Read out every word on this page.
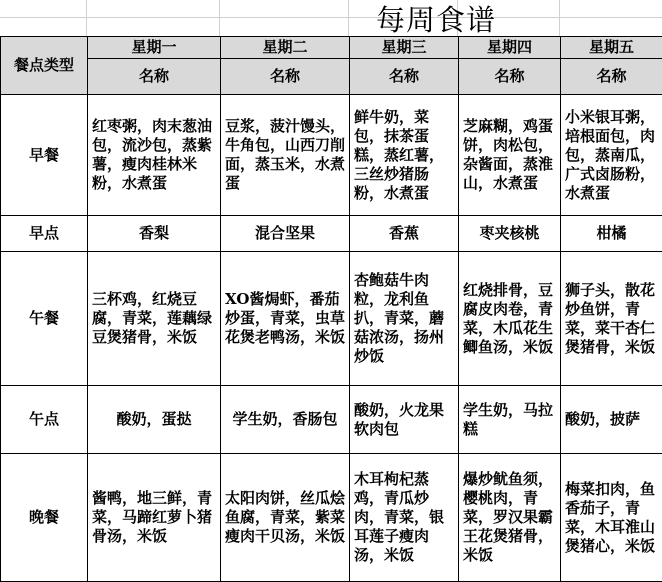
每周食谱
餐点类型	星期一	星期二	星期三	星期四	星期五
	名称	名称	名称	名称	名称
早餐	红枣粥，肉末葱油包，流沙包，蒸紫薯，瘦肉桂林米粉，水煮蛋	豆浆，菠汁馒头，牛角包，山西刀削面，蒸玉米，水煮蛋	鲜牛奶，菜包，抹茶蛋糕，蒸红薯，三丝炒猪肠粉，水煮蛋	芝麻糊，鸡蛋饼，肉松包，杂酱面，蒸淮山，水煮蛋	小米银耳粥，培根面包，肉包，蒸南瓜，广式卤肠粉，水煮蛋
早点	香梨	混合坚果	香蕉	枣夹核桃	柑橘
午餐	三杯鸡，红烧豆腐，青菜，莲藕绿豆煲猪骨，米饭	XO酱焗虾，番茄炒蛋，青菜，虫草花煲老鸭汤，米饭	杏鲍菇牛肉粒，龙利鱼扒，青菜，蘑菇浓汤，扬州炒饭	红烧排骨，豆腐皮肉卷，青菜，木瓜花生鲫鱼汤，米饭	狮子头，散花炒鱼饼，青菜，菜干杏仁煲猪骨，米饭
午点	酸奶，蛋挞	学生奶，香肠包	酸奶，火龙果软肉包	学生奶，马拉糕	酸奶，披萨
晚餐	酱鸭，地三鲜，青菜，马蹄红萝卜猪骨汤，米饭	太阳肉饼，丝瓜烩鱼腐，青菜，紫菜瘦肉干贝汤，米饭	木耳枸杞蒸鸡，青瓜炒肉，青菜，银耳莲子瘦肉汤，米饭	爆炒鱿鱼须，樱桃肉，青菜，罗汉果霸王花煲猪骨，米饭	梅菜扣肉，鱼香茄子，青菜，木耳淮山煲猪心，米饭
